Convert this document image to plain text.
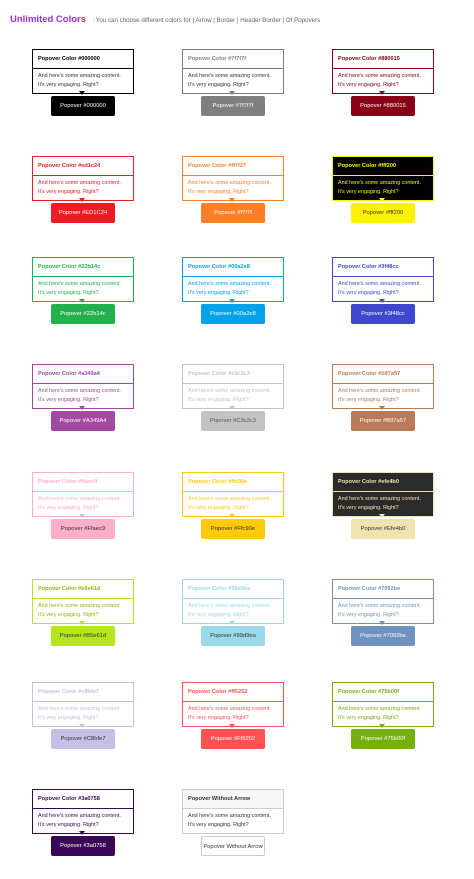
Unlimited Colors : You can choose different colors for | Arrow | Border | Header Border | Of Popovers
Popover Color #000000
And here's some amazing content. It's very engaging. Right?
Popover #000000
Popover Color #7f7f7f
And here's some amazing content. It's very engaging. Right?
Popover #7f7f7f
Popover Color #880015
And here's some amazing content. It's very engaging. Right?
Popover #880015
Popover Color #ed1c24
And here's some amazing content. It's very engaging. Right?
Popover #ED1C24
Popover Color #ff7f27
And here's some amazing content. It's very engaging. Right?
Popover #f7f7f
Popover Color #fff200
And here's some amazing content. It's very engaging. Right?
Popover #fff200
Popover Color #22b14c
And here's some amazing content. It's very engaging. Right?
Popover #22b14c
Popover Color #00a2e8
And here's some amazing content. It's very engaging. Right?
Popover #00a2e8
Popover Color #3f48cc
And here's some amazing content. It's very engaging. Right?
Popover #3f48cc
Popover Color #a349a4
And here's some amazing content. It's very engaging. Right?
Popover #A349A4
Popover Color #c3c3c3
And here's some amazing content. It's very engaging. Right?
Popover #C3c3c3
Popover Color #b97a57
And here's some amazing content. It's very engaging. Right?
Popover #B97a57
Popover Color #ffaec9
And here's some amazing content. It's very engaging. Right?
Popover #Ffaec9
Popover Color #ffc90e
And here's some amazing content. It's very engaging. Right?
Popover #Ffc90e
Popover Color #efe4b0
And here's some amazing content. It's very engaging. Right?
Popover #Efe4b0
Popover Color #b5e61d
And here's some amazing content. It's very engaging. Right?
Popover #B5e61d
Popover Color #99d9ea
And here's some amazing content. It's very engaging. Right?
Popover #99d9ea
Popover Color #7092be
And here's some amazing content. It's very engaging. Right?
Popover #7092be
Popover Color #c8bfe7
And here's some amazing content. It's very engaging. Right?
Popover #C8bfe7
Popover Color #ff5252
And here's some amazing content. It's very engaging. Right?
Popover #Ff5252
Popover Color #75b00f
And here's some amazing content. It's very engaging. Right?
Popover #75b00f
Popover Color #3a0758
And here's some amazing content. It's very engaging. Right?
Popover #3a0758
Popover Without Arrow
And here's some amazing content. It's very engaging. Right?
Popover Without Arrow
